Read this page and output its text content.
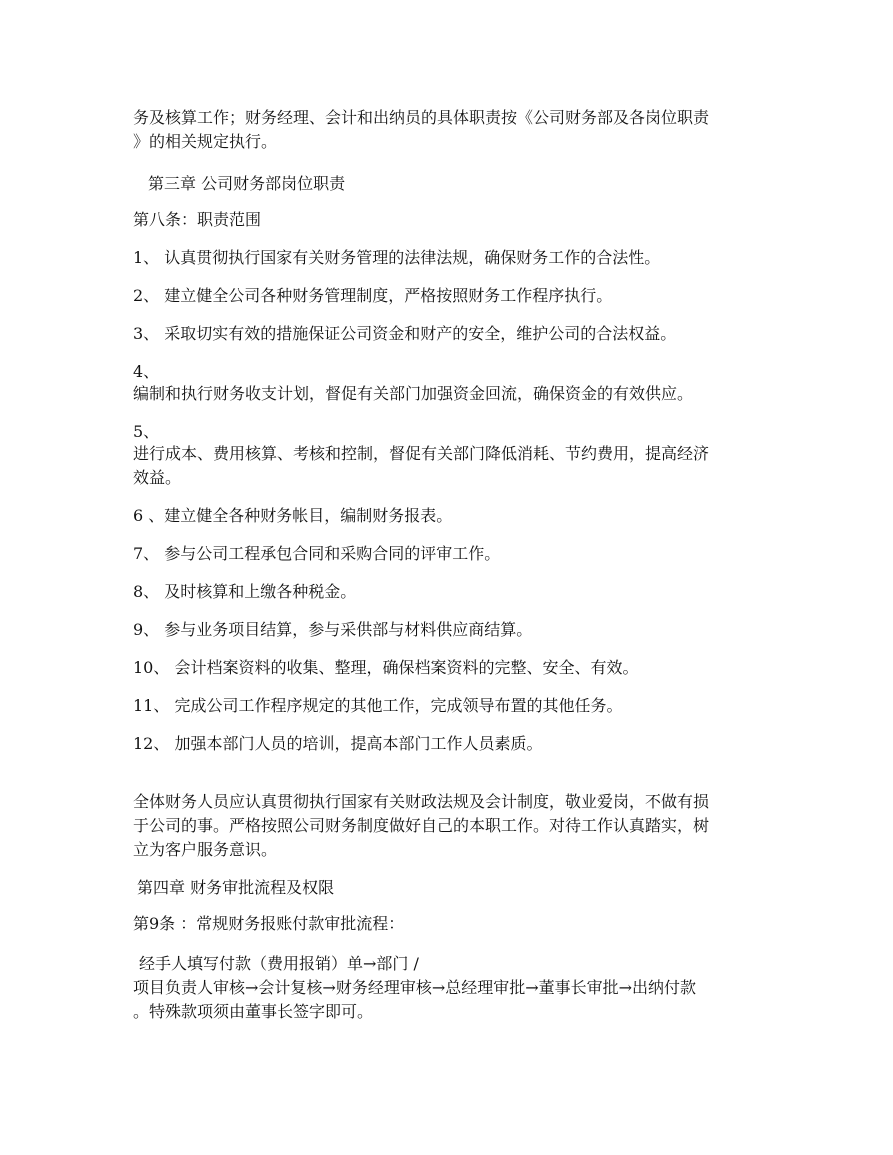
务及核算工作；财务经理、会计和出纳员的具体职责按《公司财务部及各岗位职责

》的相关规定执行。

第三章 公司财务部岗位职责

第八条：职责范围

1、 认真贯彻执行国家有关财务管理的法律法规，确保财务工作的合法性。

2、 建立健全公司各种财务管理制度，严格按照财务工作程序执行。

3、 采取切实有效的措施保证公司资金和财产的安全，维护公司的合法权益。

4、

编制和执行财务收支计划，督促有关部门加强资金回流，确保资金的有效供应。

5、

进行成本、费用核算、考核和控制，督促有关部门降低消耗、节约费用，提高经济

效益。

6 、建立健全各种财务帐目，编制财务报表。

7、 参与公司工程承包合同和采购合同的评审工作。

8、 及时核算和上缴各种税金。

9、 参与业务项目结算，参与采供部与材料供应商结算。

10、 会计档案资料的收集、整理，确保档案资料的完整、安全、有效。

11、 完成公司工作程序规定的其他工作，完成领导布置的其他任务。

12、 加强本部门人员的培训，提高本部门工作人员素质。

全体财务人员应认真贯彻执行国家有关财政法规及会计制度，敬业爱岗，不做有损

于公司的事。严格按照公司财务制度做好自己的本职工作。对待工作认真踏实，树

立为客户服务意识。

第四章 财务审批流程及权限

第9条 ：常规财务报账付款审批流程：

经手人填写付款（费用报销）单→部门 /

项目负责人审核→会计复核→财务经理审核→总经理审批→董事长审批→出纳付款

。特殊款项须由董事长签字即可。
